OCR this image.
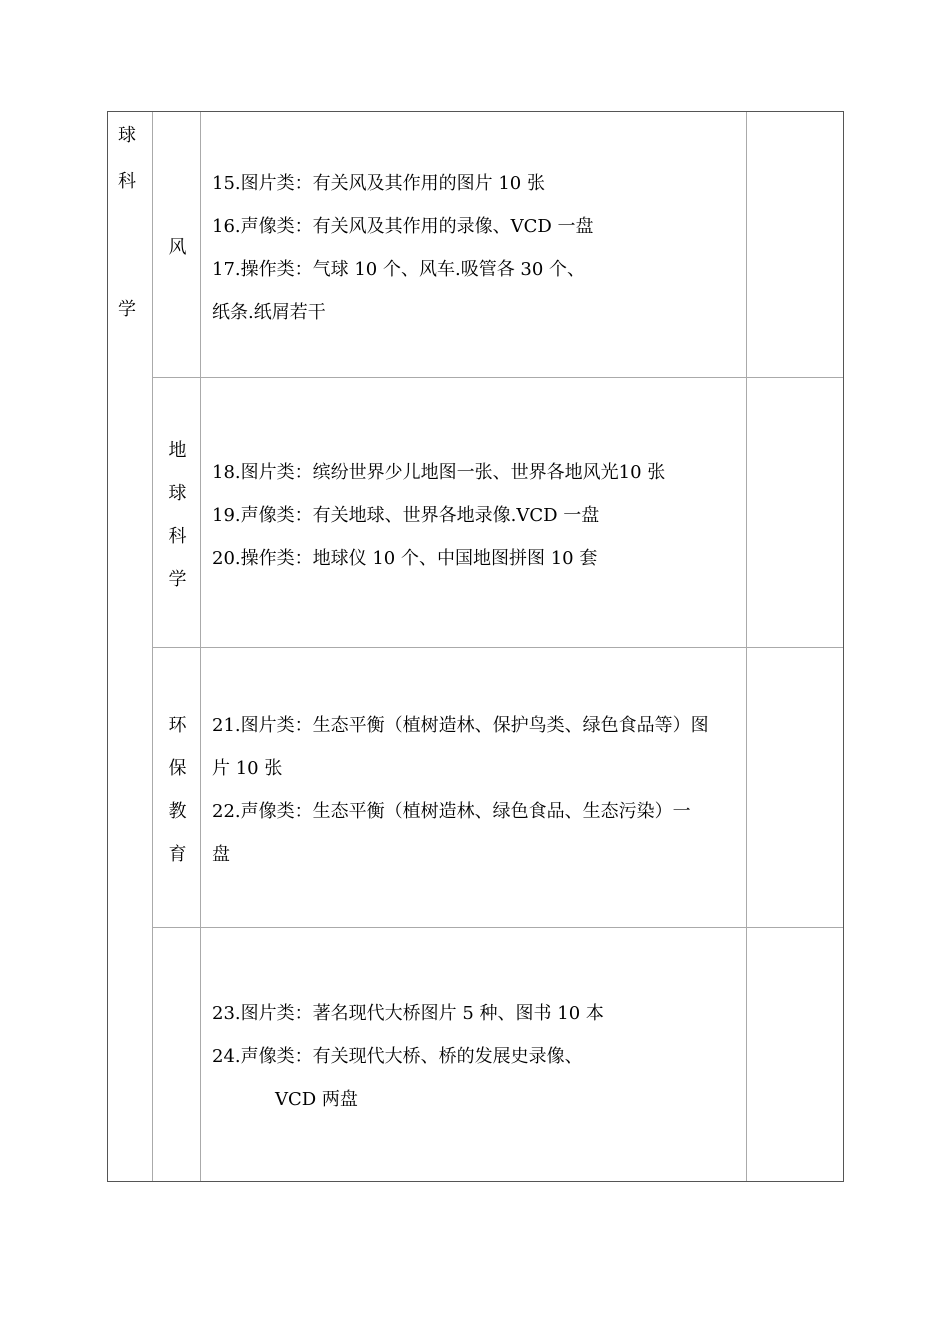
球
科
学
风

15.图片类：有关风及其作用的图片 10 张

16.声像类：有关风及其作用的录像、VCD 一盘

17.操作类：气球 10 个、风车.吸管各 30 个、

纸条.纸屑若干

地
球
科
学

18.图片类：缤纷世界少儿地图一张、世界各地风光10 张

19.声像类：有关地球、世界各地录像.VCD 一盘

20.操作类：地球仪 10 个、中国地图拼图 10 套

环
保
教
育

21.图片类：生态平衡（植树造林、保护鸟类、绿色食品等）图

片 10 张

22.声像类：生态平衡（植树造林、绿色食品、生态污染）一

盘

23.图片类：著名现代大桥图片 5 种、图书 10 本

24.声像类：有关现代大桥、桥的发展史录像、

VCD 两盘
